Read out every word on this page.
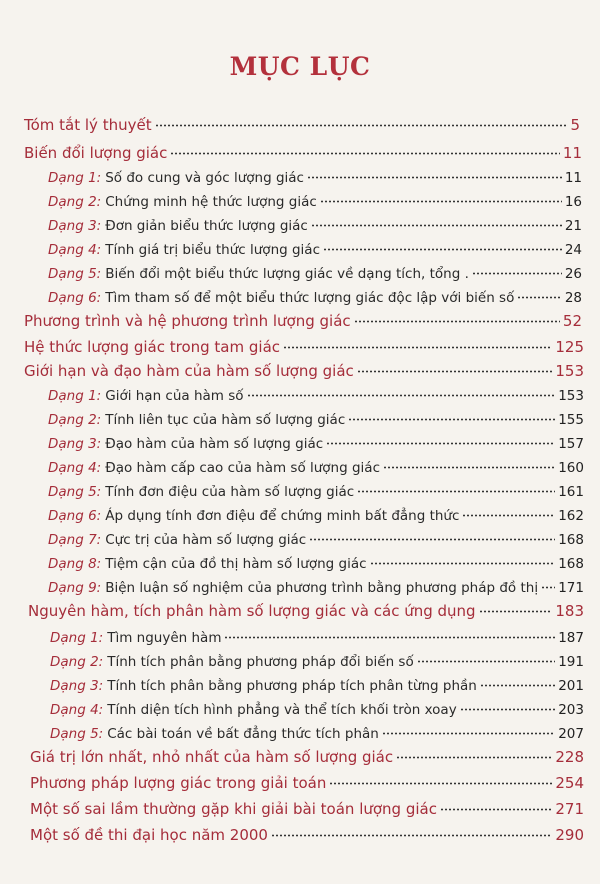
MỤC LỤC
Tóm tắt lý thuyết	5
Biến đổi lượng giác	11
Dạng 1: Số đo cung và góc lượng giác	11
Dạng 2: Chứng minh hệ thức lượng giác	16
Dạng 3: Đơn giản biểu thức lượng giác	21
Dạng 4: Tính giá trị biểu thức lượng giác	24
Dạng 5: Biến đổi một biểu thức lượng giác về dạng tích, tổng .	26
Dạng 6: Tìm tham số để một biểu thức lượng giác độc lập với biến số	28
Phương trình và hệ phương trình lượng giác	52
Hệ thức lượng giác trong tam giác	125
Giới hạn và đạo hàm của hàm số lượng giác	153
Dạng 1: Giới hạn của hàm số	153
Dạng 2: Tính liên tục của hàm số lượng giác	155
Dạng 3: Đạo hàm của hàm số lượng giác	157
Dạng 4: Đạo hàm cấp cao của hàm số lượng giác	160
Dạng 5: Tính đơn điệu của hàm số lượng giác	161
Dạng 6: Áp dụng tính đơn điệu để chứng minh bất đẳng thức	162
Dạng 7: Cực trị của hàm số lượng giác	168
Dạng 8: Tiệm cận của đồ thị hàm số lượng giác	168
Dạng 9: Biện luận số nghiệm của phương trình bằng phương pháp đồ thị 171
Nguyên hàm, tích phân hàm số lượng giác và các ứng dụng	183
Dạng 1: Tìm nguyên hàm	187
Dạng 2: Tính tích phân bằng phương pháp đổi biến số	191
Dạng 3: Tính tích phân bằng phương pháp tích phân từng phần	201
Dạng 4: Tính diện tích hình phẳng và thể tích khối tròn xoay	203
Dạng 5: Các bài toán về bất đẳng thức tích phân	207
Giá trị lớn nhất, nhỏ nhất của hàm số lượng giác	228
Phương pháp lượng giác trong giải toán	254
Một số sai lầm thường gặp khi giải bài toán lượng giác	271
Một số đề thi đại học năm 2000	290
